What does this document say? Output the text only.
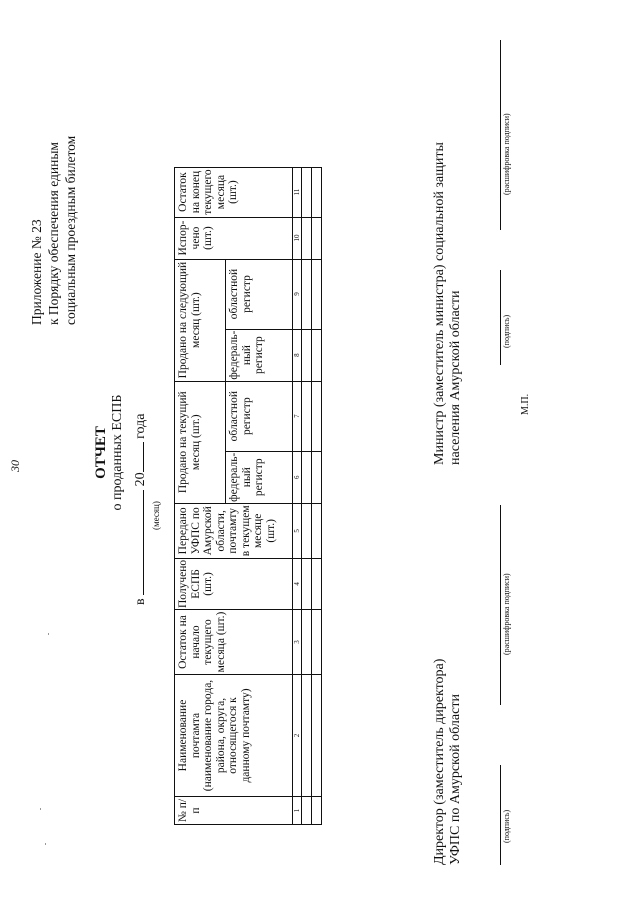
30
Приложение № 23 к Порядку обеспечения единым социальным проездным билетом
ОТЧЕТ о проданных ЕСПБ
в  20 года
(месяц)
№ п/п	Наименование почтамта (наименование города, района, округа, относящегося к данному почтамту)	Остаток на начало текущего месяца (шт.)	Получено ЕСПБ (шт.)	Передано УФПС по Амурской области, почтамту в текущем месяце (шт.)	Продано на текущий месяц (шт.)		Продано на следующий месяц (шт.)		Испор-чено (шт.)	Остаток на конец текущего месяца (шт.)
					федераль-ный регистр	областной регистр	федераль-ный регистр	областной регистр		
1	2	3	4	5	6	7	8	9	10	11

Директор (заместитель директора) УФПС по Амурской области	(подпись)
(расшифровка подписи)
Министр (заместитель министра) социальной защиты населения Амурской области	(подпись)
(расшифровка подписи)
М.П.
